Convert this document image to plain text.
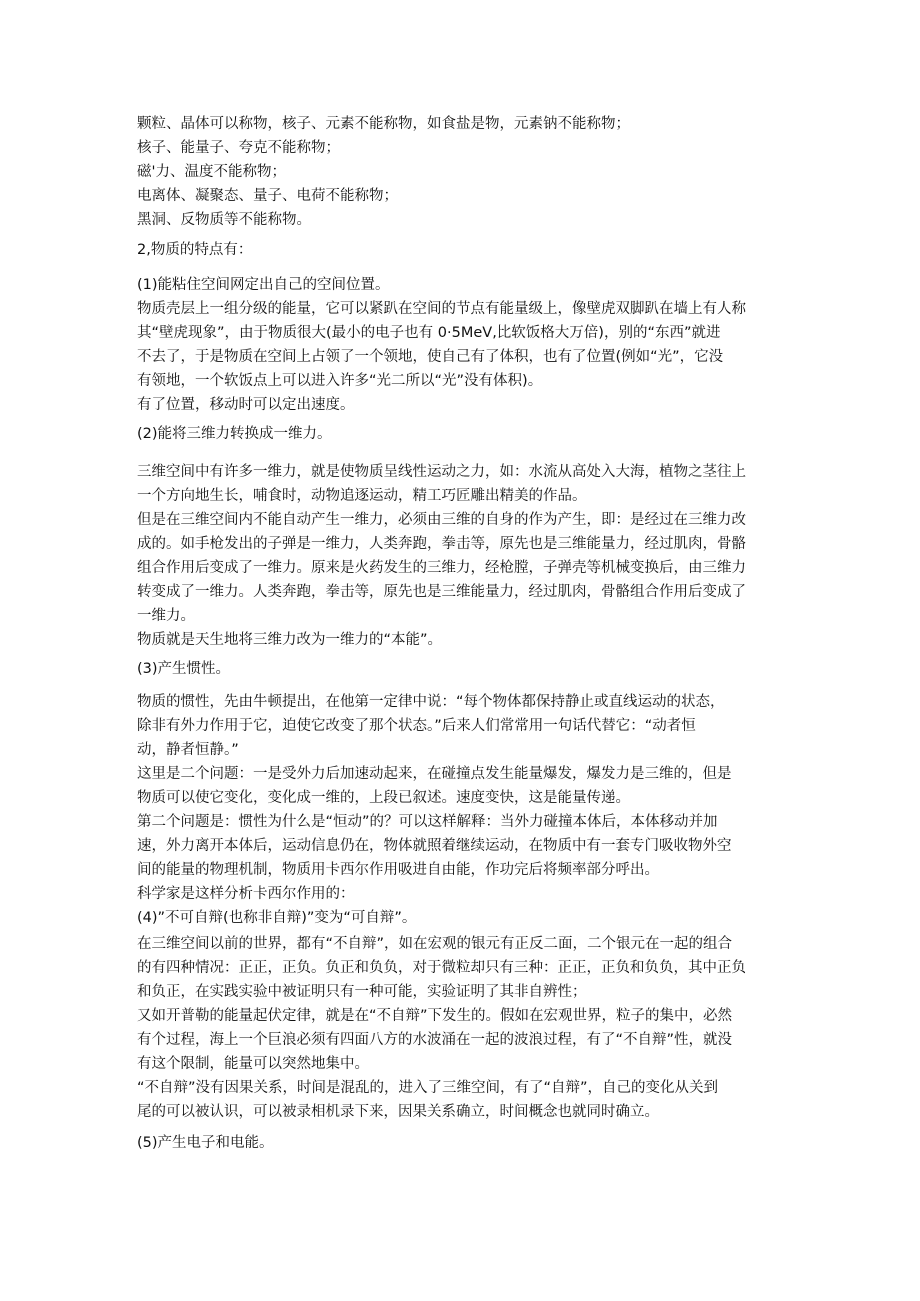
颗粒、晶体可以称物，核子、元素不能称物，如食盐是物，元素钠不能称物；

核子、能量子、夸克不能称物；

磁'力、温度不能称物；

电离体、凝聚态、量子、电荷不能称物；

黑洞、反物质等不能称物。

2,物质的特点有：

(1)能粘住空间网定出自己的空间位置。

物质壳层上一组分级的能量，它可以紧趴在空间的节点有能量级上，像壁虎双脚趴在墙上有人称

其“壁虎现象”，由于物质很大(最小的电子也有 0·5MeV,比软饭格大万倍)，别的“东西”就进

不去了，于是物质在空间上占领了一个领地，使自己有了体积，也有了位置(例如“光”，它没

有领地，一个软饭点上可以进入许多“光二所以“光”没有体积)。

有了位置，移动时可以定出速度。

(2)能将三维力转换成一维力。

三维空间中有许多一维力，就是使物质呈线性运动之力，如：水流从高处入大海，植物之茎往上

一个方向地生长，哺食时，动物追逐运动，精工巧匠雕出精美的作品。

但是在三维空间内不能自动产生一维力，必须由三维的自身的作为产生，即：是经过在三维力改

成的。如手枪发出的子弹是一维力，人类奔跑，拳击等，原先也是三维能量力，经过肌肉，骨骼

组合作用后变成了一维力。原来是火药发生的三维力，经枪膛，子弹壳等机械变换后，由三维力

转变成了一维力。人类奔跑，拳击等，原先也是三维能量力，经过肌肉，骨骼组合作用后变成了

一维力。

物质就是天生地将三维力改为一维力的“本能”。

(3)产生惯性。

物质的惯性，先由牛顿提出，在他第一定律中说：“每个物体都保持静止或直线运动的状态，

除非有外力作用于它，迫使它改变了那个状态。”后来人们常常用一句话代替它：“动者恒

动，静者恒静。”

这里是二个问题：一是受外力后加速动起来，在碰撞点发生能量爆发，爆发力是三维的，但是

物质可以使它变化，变化成一维的，上段已叙述。速度变快，这是能量传递。

第二个问题是：惯性为什么是“恒动”的？可以这样解释：当外力碰撞本体后，本体移动并加

速，外力离开本体后，运动信息仍在，物体就照着继续运动，在物质中有一套专门吸收物外空

间的能量的物理机制，物质用卡西尔作用吸进自由能，作功完后将频率部分呼出。

科学家是这样分析卡西尔作用的：

(4)”不可自辩(也称非自辩)”变为“可自辩”。

在三维空间以前的世界，都有“不自辩”，如在宏观的银元有正反二面，二个银元在一起的组合

的有四种情况：正正，正负。负正和负负，对于微粒却只有三种：正正，正负和负负，其中正负

和负正，在实践实验中被证明只有一种可能，实验证明了其非自辨性；

又如开普勒的能量起伏定律，就是在“不自辩”下发生的。假如在宏观世界，粒子的集中，必然

有个过程，海上一个巨浪必须有四面八方的水波涌在一起的波浪过程，有了“不自辩”性，就没

有这个限制，能量可以突然地集中。

“不自辩”没有因果关系，时间是混乱的，进入了三维空间，有了“自辩”，自己的变化从关到

尾的可以被认识，可以被录相机录下来，因果关系确立，时间概念也就同时确立。

(5)产生电子和电能。
